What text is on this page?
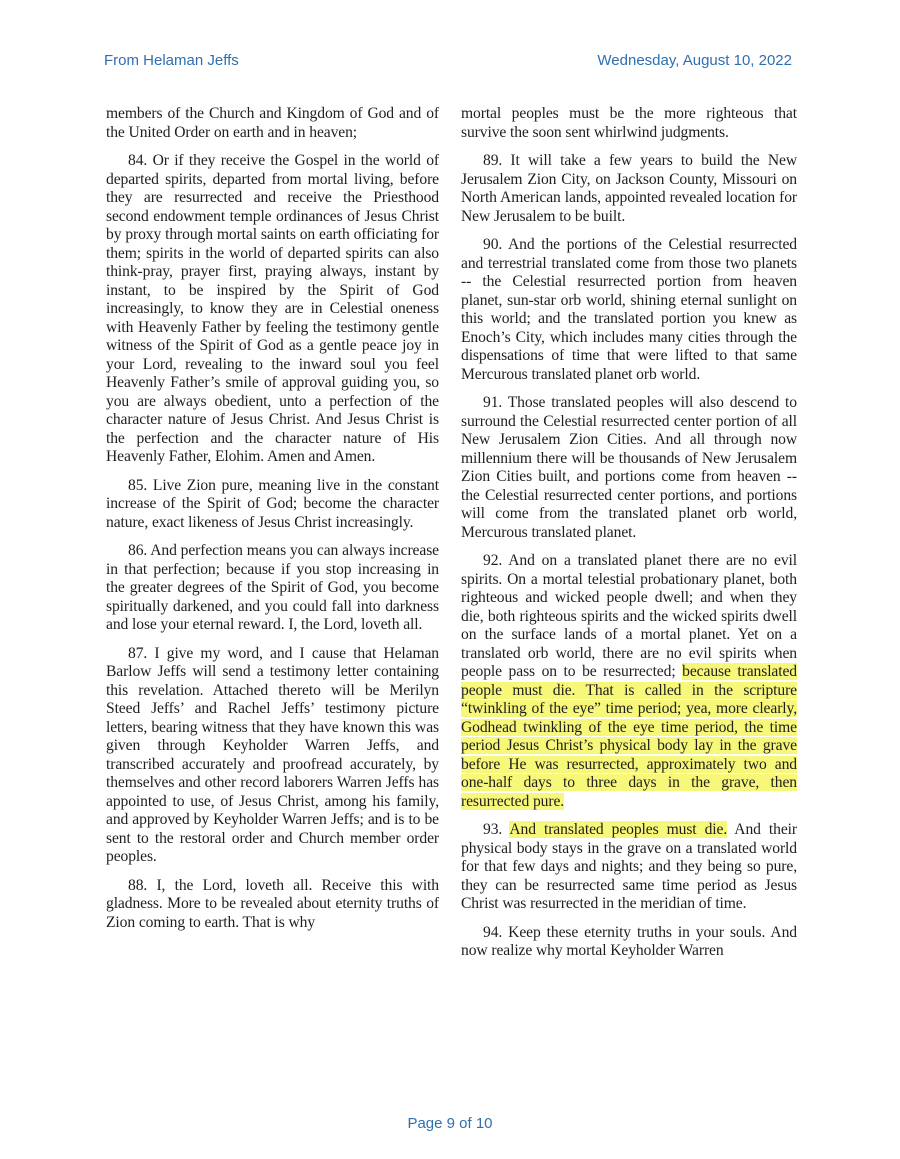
From Helaman Jeffs	Wednesday, August 10, 2022

members of the Church and Kingdom of God and of the United Order on earth and in heaven;

84. Or if they receive the Gospel in the world of departed spirits, departed from mortal living, before they are resurrected and receive the Priesthood second endowment temple ordinances of Jesus Christ by proxy through mortal saints on earth officiating for them; spirits in the world of departed spirits can also think-pray, prayer first, praying always, instant by instant, to be inspired by the Spirit of God increasingly, to know they are in Celestial oneness with Heavenly Father by feeling the testimony gentle witness of the Spirit of God as a gentle peace joy in your Lord, revealing to the inward soul you feel Heavenly Father’s smile of approval guiding you, so you are always obedient, unto a perfection of the character nature of Jesus Christ. And Jesus Christ is the perfection and the character nature of His Heavenly Father, Elohim. Amen and Amen.

85. Live Zion pure, meaning live in the constant increase of the Spirit of God; become the character nature, exact likeness of Jesus Christ increasingly.

86. And perfection means you can always increase in that perfection; because if you stop increasing in the greater degrees of the Spirit of God, you become spiritually darkened, and you could fall into darkness and lose your eternal reward. I, the Lord, loveth all.

87. I give my word, and I cause that Helaman Barlow Jeffs will send a testimony letter containing this revelation. Attached thereto will be Merilyn Steed Jeffs’ and Rachel Jeffs’ testimony picture letters, bearing witness that they have known this was given through Keyholder Warren Jeffs, and transcribed accurately and proofread accurately, by themselves and other record laborers Warren Jeffs has appointed to use, of Jesus Christ, among his family, and approved by Keyholder Warren Jeffs; and is to be sent to the restoral order and Church member order peoples.

88. I, the Lord, loveth all. Receive this with gladness. More to be revealed about eternity truths of Zion coming to earth. That is why

mortal peoples must be the more righteous that survive the soon sent whirlwind judgments.

89. It will take a few years to build the New Jerusalem Zion City, on Jackson County, Missouri on North American lands, appointed revealed location for New Jerusalem to be built.

90. And the portions of the Celestial resurrected and terrestrial translated come from those two planets -- the Celestial resurrected portion from heaven planet, sun-star orb world, shining eternal sunlight on this world; and the translated portion you knew as Enoch’s City, which includes many cities through the dispensations of time that were lifted to that same Mercurous translated planet orb world.

91. Those translated peoples will also descend to surround the Celestial resurrected center portion of all New Jerusalem Zion Cities. And all through now millennium there will be thousands of New Jerusalem Zion Cities built, and portions come from heaven -- the Celestial resurrected center portions, and portions will come from the translated planet orb world, Mercurous translated planet.

92. And on a translated planet there are no evil spirits. On a mortal telestial probationary planet, both righteous and wicked people dwell; and when they die, both righteous spirits and the wicked spirits dwell on the surface lands of a mortal planet. Yet on a translated orb world, there are no evil spirits when people pass on to be resurrected; because translated people must die. That is called in the scripture “twinkling of the eye” time period; yea, more clearly, Godhead twinkling of the eye time period, the time period Jesus Christ’s physical body lay in the grave before He was resurrected, approximately two and one-half days to three days in the grave, then resurrected pure.

93. And translated peoples must die. And their physical body stays in the grave on a translated world for that few days and nights; and they being so pure, they can be resurrected same time period as Jesus Christ was resurrected in the meridian of time.

94. Keep these eternity truths in your souls. And now realize why mortal Keyholder Warren

Page 9 of 10
